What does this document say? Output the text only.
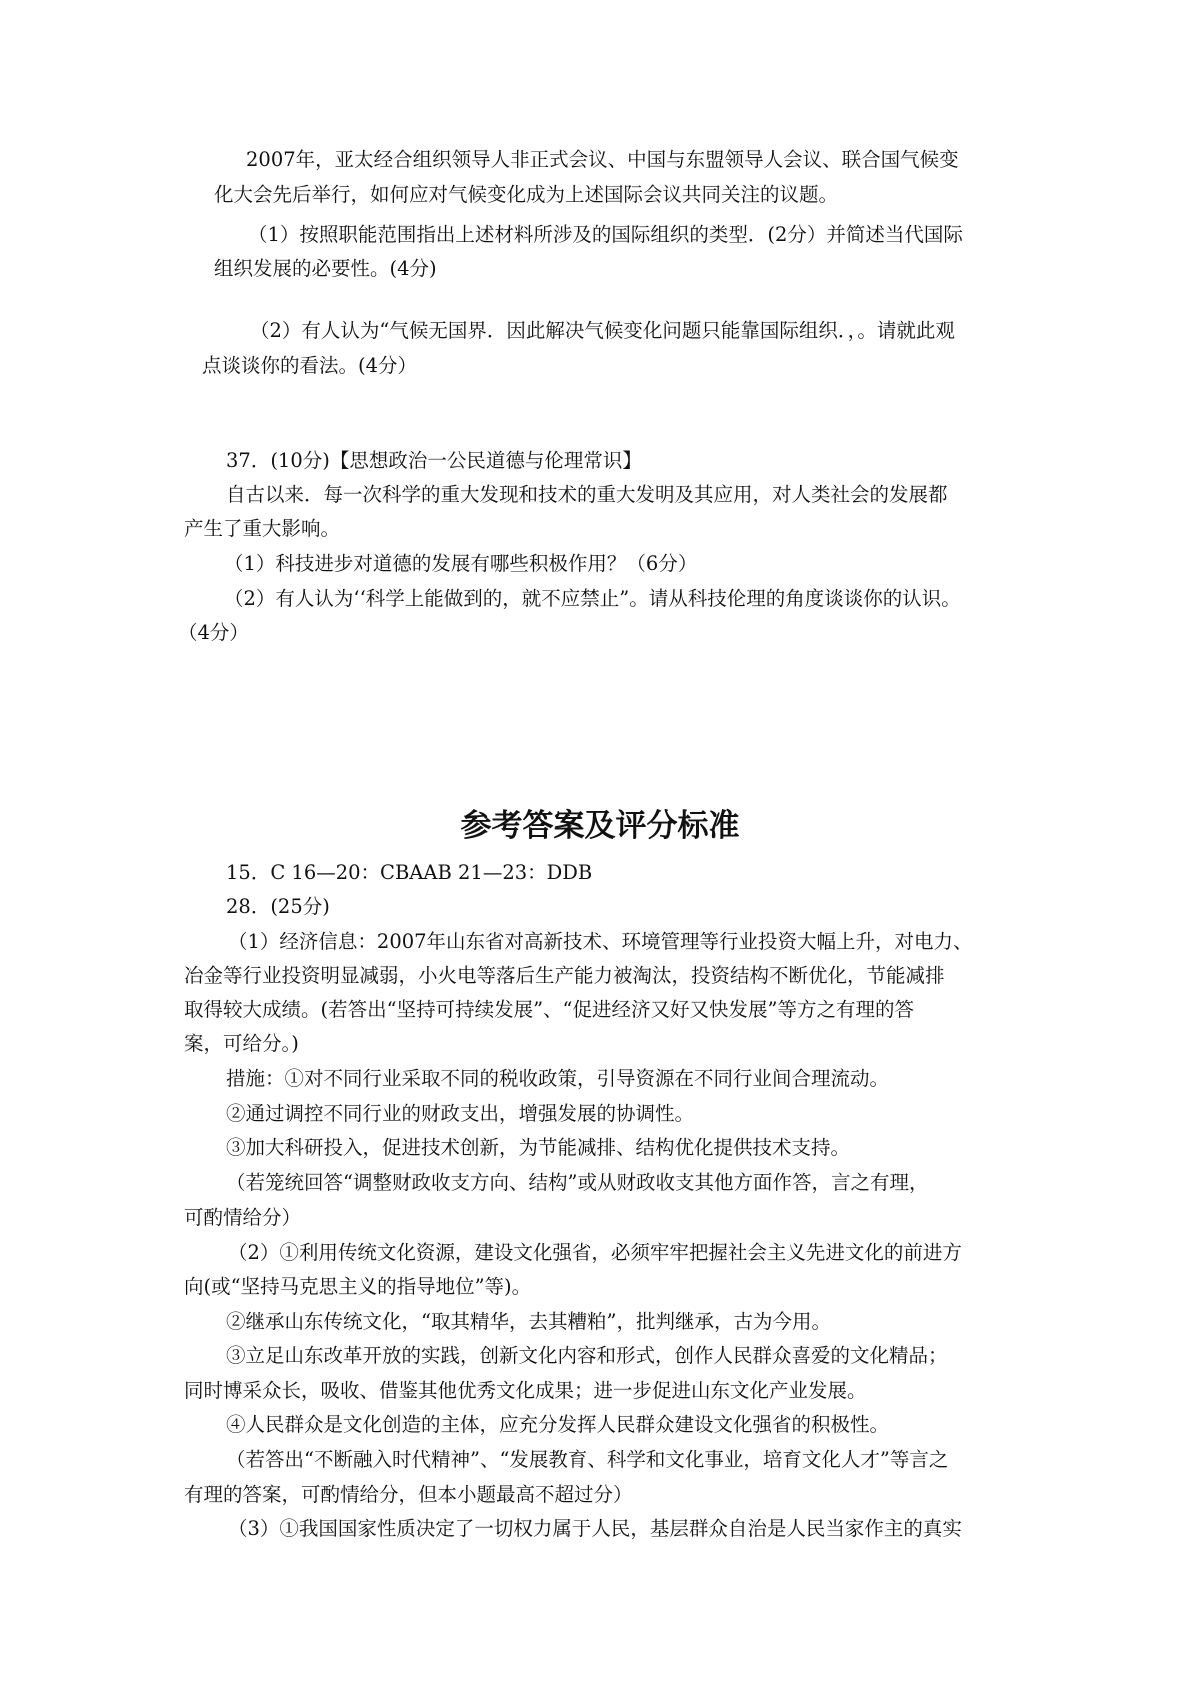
2007年，亚太经合组织领导人非正式会议、中国与东盟领导人会议、联合国气候变

化大会先后举行，如何应对气候变化成为上述国际会议共同关注的议题。

（1）按照职能范围指出上述材料所涉及的国际组织的类型．(2分）并简述当代国际

组织发展的必要性。(4分)

（2）有人认为“气候无国界．因此解决气候变化问题只能靠国际组织．，。请就此观

点谈谈你的看法。(4分）

37．(10分)【思想政治一公民道德与伦理常识】

自古以来．每一次科学的重大发现和技术的重大发明及其应用，对人类社会的发展都

产生了重大影响。

（1）科技进步对道德的发展有哪些积极作用？（6分）

（2）有人认为‘‘科学上能做到的，就不应禁止”。请从科技伦理的角度谈谈你的认识。

（4分）

参考答案及评分标准

15．C 16—20：CBAAB 21—23：DDB

28．(25分)

（1）经济信息：2007年山东省对高新技术、环境管理等行业投资大幅上升，对电力、

冶金等行业投资明显减弱，小火电等落后生产能力被淘汰，投资结构不断优化，节能减排

取得较大成绩。(若答出“坚持可持续发展”、“促进经济又好又快发展”等方之有理的答

案，可给分。)

措施：①对不同行业采取不同的税收政策，引导资源在不同行业间合理流动。

②通过调控不同行业的财政支出，增强发展的协调性。

③加大科研投入，促进技术创新，为节能减排、结构优化提供技术支持。

（若笼统回答“调整财政收支方向、结构”或从财政收支其他方面作答，言之有理，

可酌情给分）

（2）①利用传统文化资源，建设文化强省，必须牢牢把握社会主义先进文化的前进方

向(或“坚持马克思主义的指导地位”等)。

②继承山东传统文化，“取其精华，去其糟粕”，批判继承，古为今用。

③立足山东改革开放的实践，创新文化内容和形式，创作人民群众喜爱的文化精品；

同时博采众长，吸收、借鉴其他优秀文化成果；进一步促进山东文化产业发展。

④人民群众是文化创造的主体，应充分发挥人民群众建设文化强省的积极性。

（若答出“不断融入时代精神”、“发展教育、科学和文化事业，培育文化人才”等言之

有理的答案，可酌情给分，但本小题最高不超过分）

（3）①我国国家性质决定了一切权力属于人民，基层群众自治是人民当家作主的真实
